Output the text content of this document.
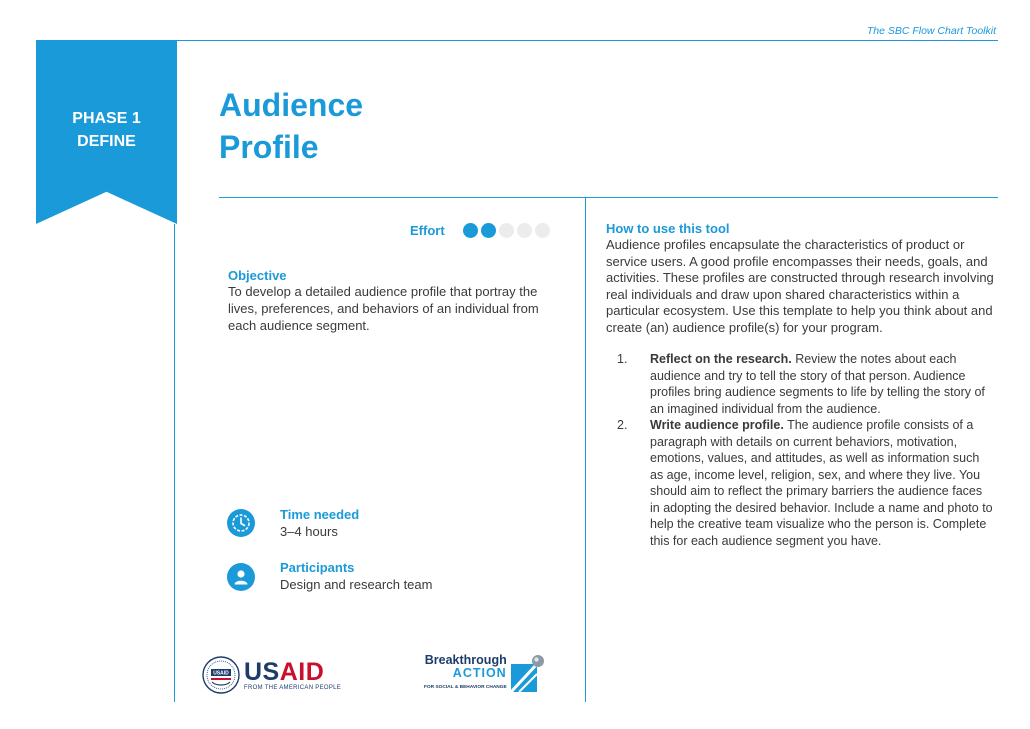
The SBC Flow Chart Toolkit
PHASE 1
DEFINE
Audience
Profile
Effort
Objective
To develop a detailed audience profile that portray the lives, preferences, and behaviors of an individual from each audience segment.
Time needed
3–4 hours
Participants
Design and research team
How to use this tool
Audience profiles encapsulate the characteristics of product or service users. A good profile encompasses their needs, goals, and activities. These profiles are constructed through research involving real individuals and draw upon shared characteristics within a particular ecosystem. Use this template to help you think about and create (an) audience profile(s) for your program.
1.	Reflect on the research. Review the notes about each audience and try to tell the story of that person. Audience profiles bring audience segments to life by telling the story of an imagined individual from the audience.
2.	Write audience profile. The audience profile consists of a paragraph with details on current behaviors, motivation, emotions, values, and attitudes, as well as information such as age, income level, religion, sex, and where they live. You should aim to reflect the primary barriers the audience faces in adopting the desired behavior. Include a name and photo to help the creative team visualize who the person is. Complete this for each audience segment you have.
USAID USAID
FROM THE AMERICAN PEOPLE
Breakthrough
ACTION
FOR SOCIAL & BEHAVIOR CHANGE
